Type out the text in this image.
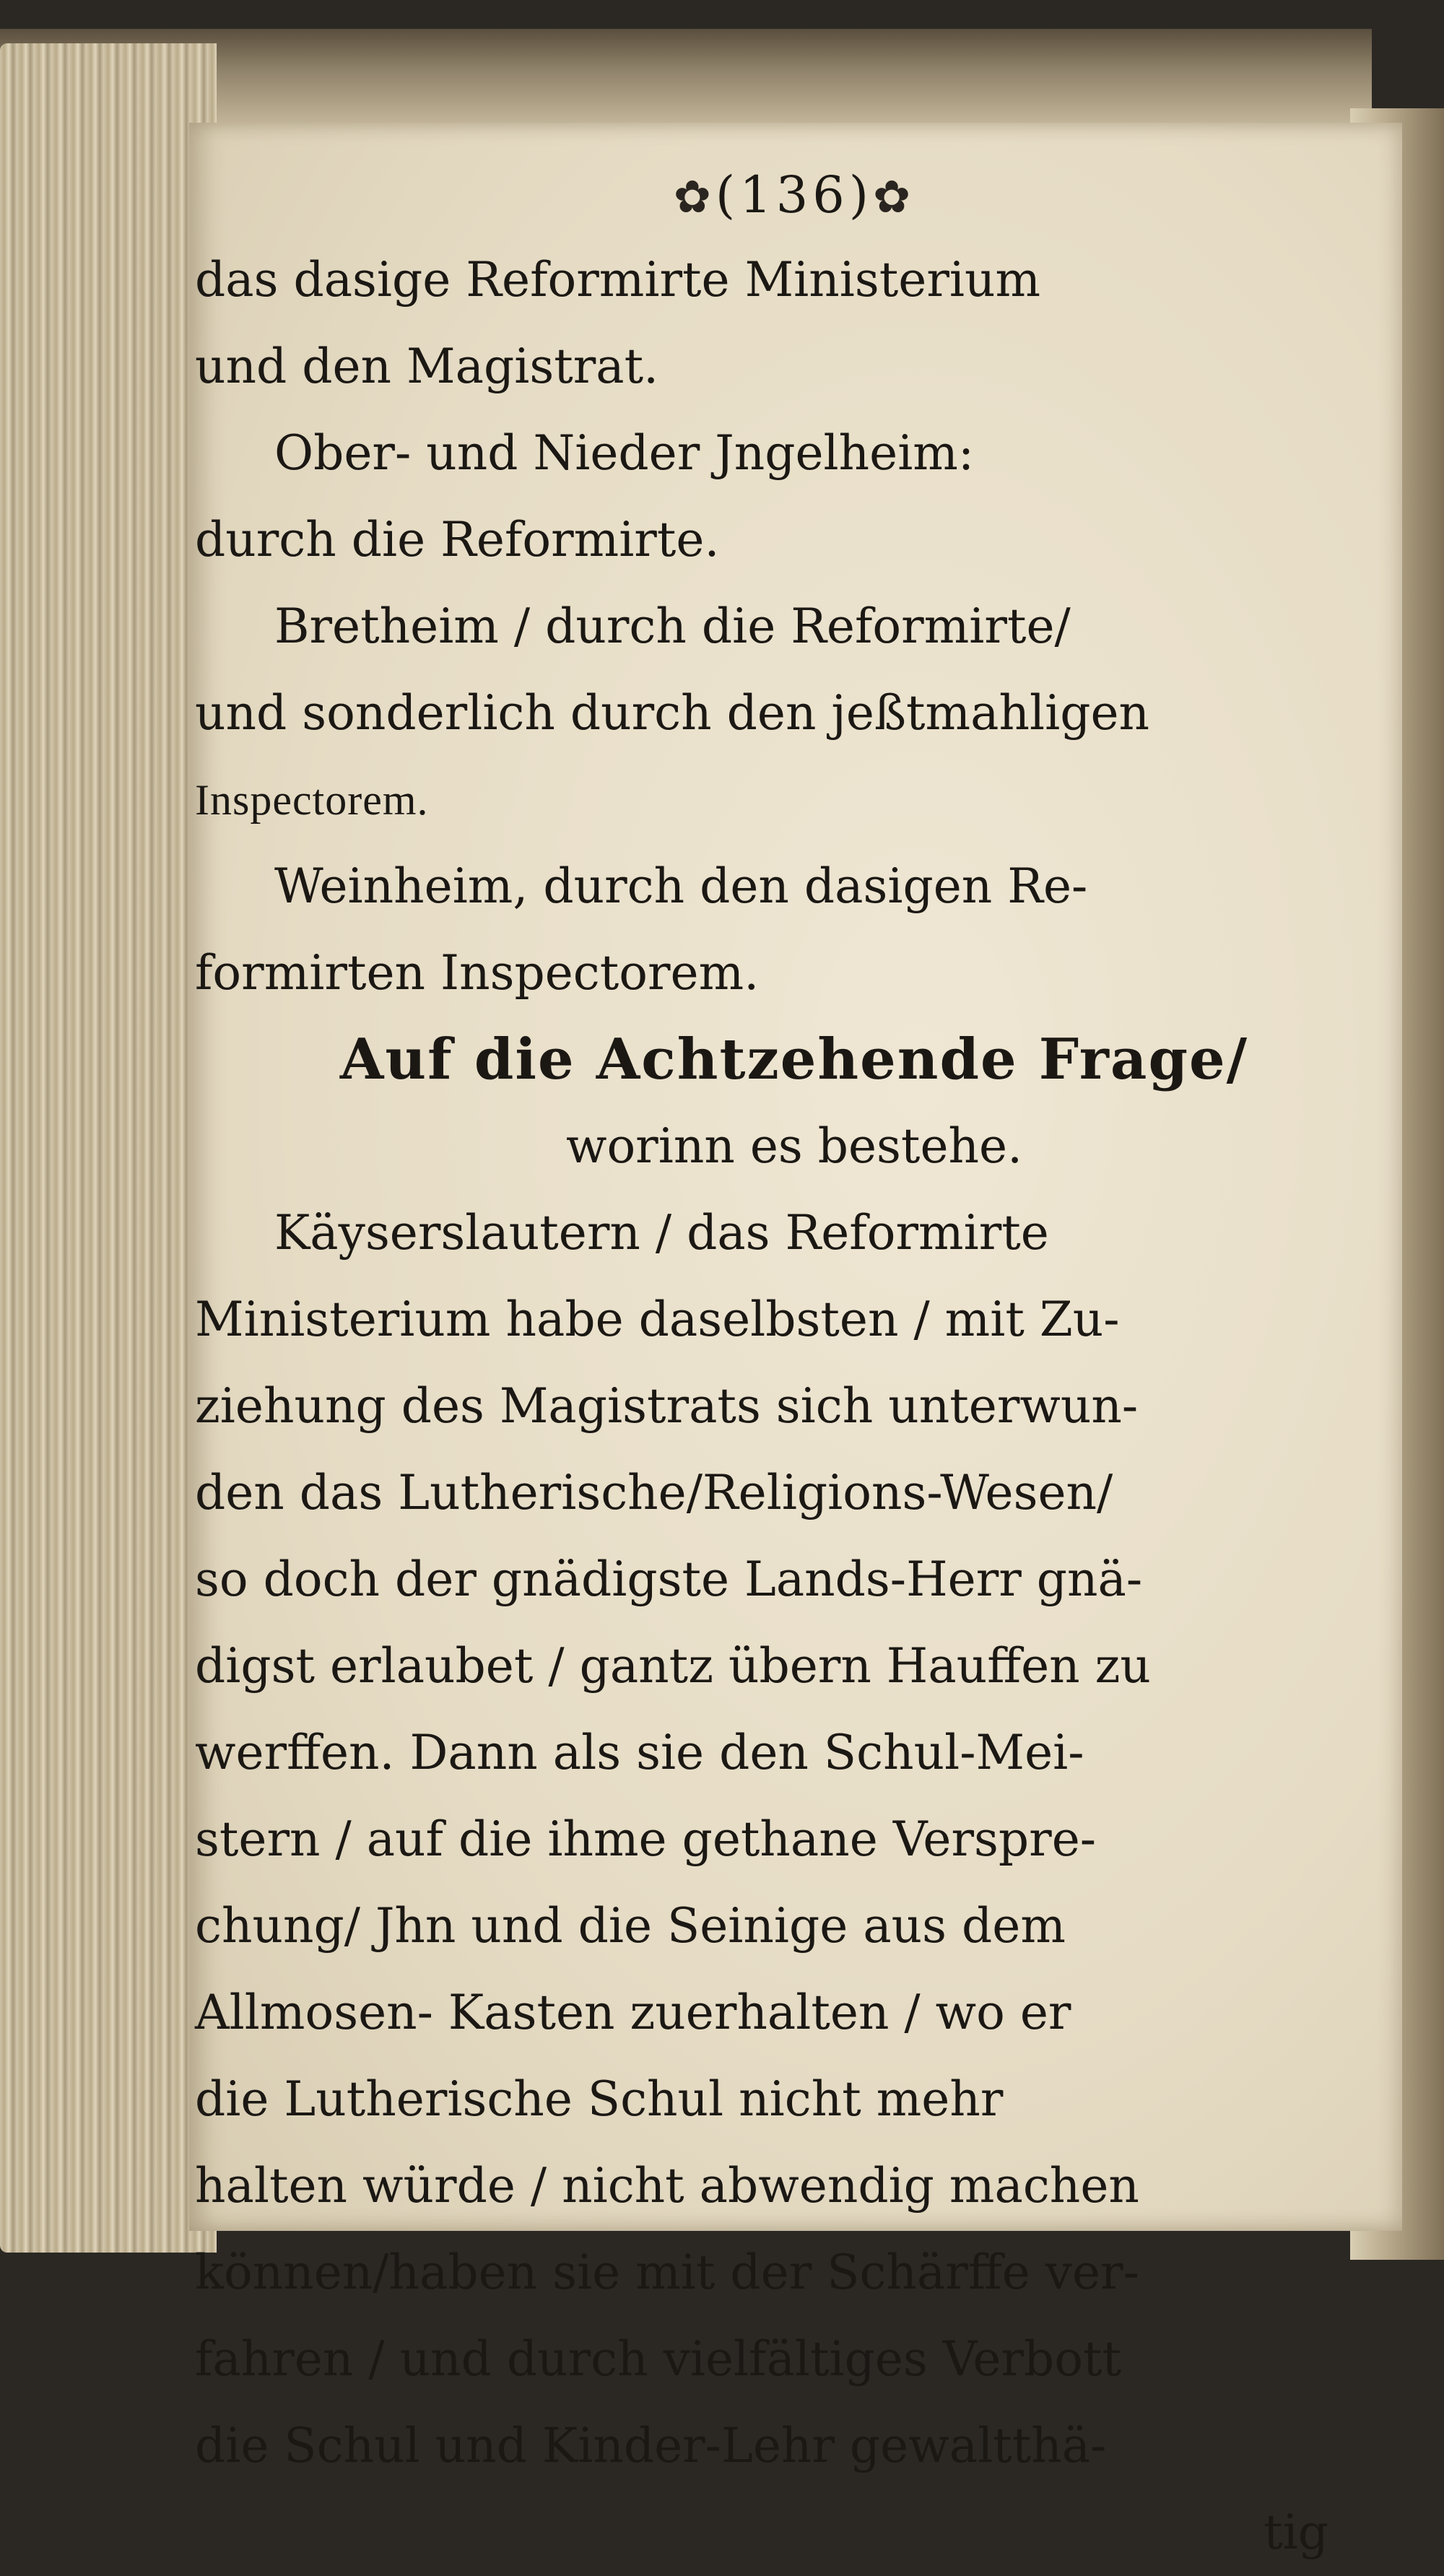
✿(136)✿
das dasige Reformirte Ministerium
und den Magistrat.
Ober- und Nieder Jngelheim:
durch die Reformirte.
Bretheim / durch die Reformirte/
und sonderlich durch den jeßtmahligen
Inspectorem.
Weinheim, durch den dasigen Re-
formirten Inspectorem.
Auf die Achtzehende Frage/
worinn es bestehe.
Käyserslautern / das Reformirte
Ministerium habe daselbsten / mit Zu-
ziehung des Magistrats sich unterwun-
den das Lutherische/Religions-Wesen/
so doch der gnädigste Lands-Herr gnä-
digst erlaubet / gantz übern Hauffen zu
werffen. Dann als sie den Schul-Mei-
stern / auf die ihme gethane Verspre-
chung/ Jhn und die Seinige aus dem
Allmosen- Kasten zuerhalten / wo er
die Lutherische Schul nicht mehr
halten würde / nicht abwendig machen
können/haben sie mit der Schärffe ver-
fahren / und durch vielfältiges Verbott
die Schul und Kinder-Lehr gewaltthä-
tig
